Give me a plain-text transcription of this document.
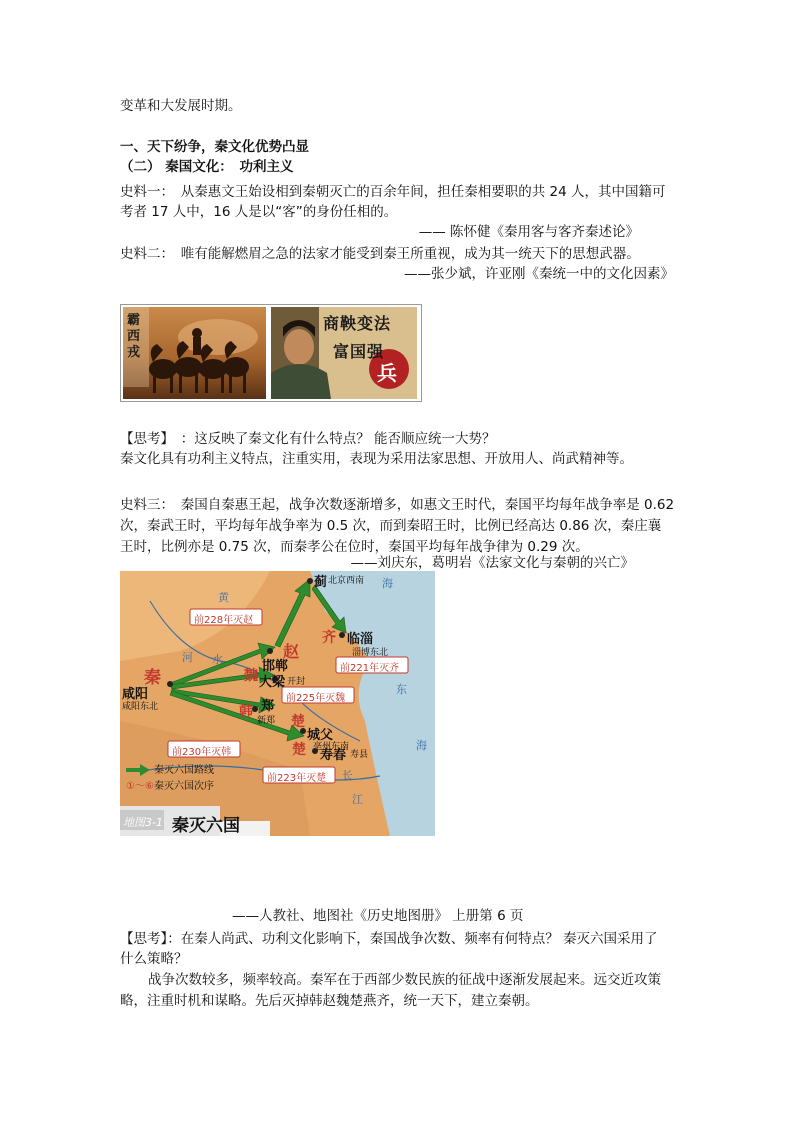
变革和大发展时期。
一、天下纷争，秦文化优势凸显
（二） 秦国文化：　功利主义
史料一：　从秦惠文王始设相到秦朝灭亡的百余年间，担任秦相要职的共 24 人，其中国籍可
考者 17 人中，16 人是以“客”的身份任相的。
—— 陈怀健《秦用客与客齐秦述论》
史料二：　唯有能解燃眉之急的法家才能受到秦王所重视，成为其一统天下的思想武器。
——张少斌，许亚刚《秦统一中的文化因素》
霸
西
戎
商鞅变法
富国强
兵
【思考】　：这反映了秦文化有什么特点？ 能否顺应统一大势？
秦文化具有功利主义特点，注重实用，表现为采用法家思想、开放用人、尚武精神等。
史料三：　秦国自秦惠王起，战争次数逐渐增多，如惠文王时代，秦国平均每年战争率是 0.62
次，秦武王时，平均每年战争率为 0.5 次，而到秦昭王时，比例已经高达 0.86 次，秦庄襄
王时，比例亦是 0.75 次，而秦孝公在位时，秦国平均每年战争律为 0.29 次。
——刘庆东，葛明岩《法家文化与秦朝的兴亡》
秦
赵
魏
韩
楚
楚
齐
蓟 北京西南
临淄
淄博东北
邯郸
咸阳
咸阳东北
大梁 开封
郑
新郑
城父
亳州东南
寿春 寿县
前228年灭赵
前221年灭齐
前225年灭魏
前230年灭韩
前223年灭楚
黄
河 水
海
东
海
长
江
秦灭六国路线
①～⑥ 秦灭六国次序
地图3-1 秦灭六国
——人教社、地图社《历史地图册》 上册第 6 页
【思考】：在秦人尚武、功利文化影响下，秦国战争次数、频率有何特点？ 秦灭六国采用了
什么策略？
战争次数较多，频率较高。秦军在于西部少数民族的征战中逐渐发展起来。远交近攻策
略，注重时机和谋略。先后灭掉韩赵魏楚燕齐，统一天下，建立秦朝。
